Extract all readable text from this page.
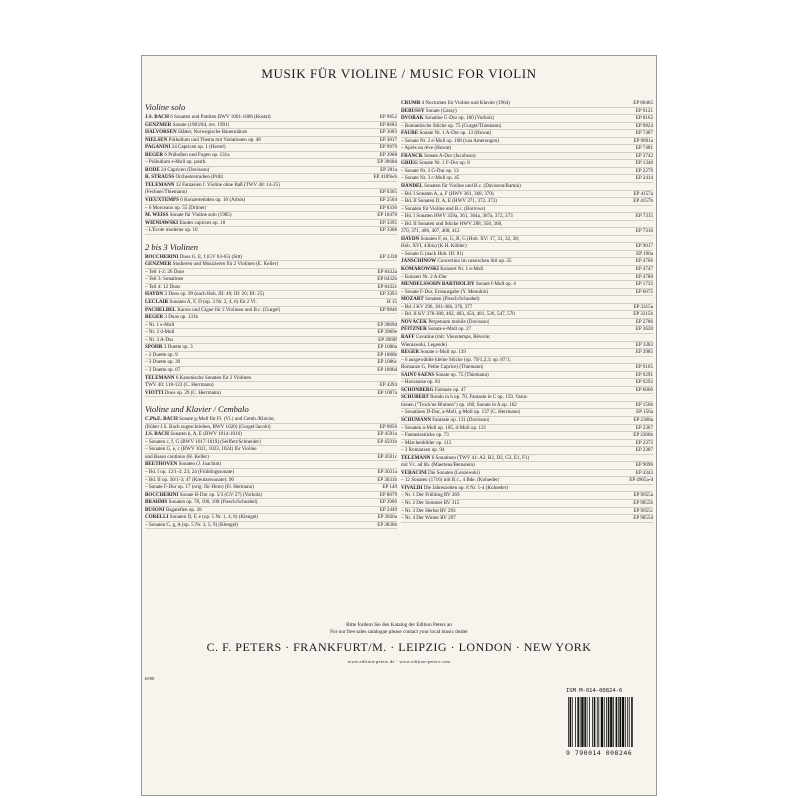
MUSIK FÜR VIOLINE / MUSIC FOR VIOLIN
Violine solo
J.S. BACH 6 Sonaten und Partiten BWV 1001-1006 (Rostal)	EP 9852
GENZMER Sonate (1983/84, rev. 1991)	EP 8683
HALVORSEN Slåtter, Norwegische Bauerntänze	EP 3083
NIELSEN Präludium und Thema mit Variationen op. 48	EP 3817
PAGANINI 24 Capricen op. 1 (Herrel)	EP 9979
REGER 6 Präludien und Fugen op. 131a	EP 3968
– Präludium e-Moll op. posth.	EP 3968d
RODE 24 Capricen (Davisson)	EP 281a
R. STRAUSS Orchesterstudien (Prill)	EP 4189wb
TELEMANN 12 Fantasien f. Violine ohne Baß (TWV 40: 14-25)
(Fechner/Thiemann)	EP 9365
VIEUXTEMPS 6 Konzertetüden op. 16 (Arbós)	EP 2564
– 6 Morceaux op. 55 (Drüner)	EP 8336
M. WEISS Sonate für Violine solo (1985)	EP 10478
WIENIAWSKI Etudes caprices op. 18	EP 3395
– L'École moderne op. 10	EP 3368
2 bis 3 Violinen
BOCCHERINI Duos G, E, f (GV 63-65) (Sitt)	EP 3338
GENZMER Studieren und Musizieren für 2 Violinen (E. Keller)
– Teil 1-2: 26 Duos	EP 8432a
– Teil 3: Sonatinen	EP 8432b
– Teil 4: 12 Duos	EP 8432c
HAYDN 3 Duos op. 99 (nach Hob. III: 40; III: 20; III: 25)	EP 3393
LECLAIR Sonaten A, F, D (op. 3 Nr. 2, 4, 6) für 2 Vl.	H 15
PACHELBEL Kanon und Gigue für 3 Violinen und B.c. (Gurgel)	EP 9846
REGER 3 Duos op. 131b
– Nr. 1 e-Moll	EP 3969d
– Nr. 2 d-Moll	EP 3969e
– Nr. 3 A-Dur	EP 3969f
SPOHR 3 Duette op. 3	EP 1086a
– 2 Duette op. 9	EP 1086b
– 3 Duette op. 39	EP 1086c
– 3 Duette op. 67	EP 1086d
TELEMANN 6 Kanonische Sonaten für 2 Violinen
TWV 40: 118-123 (C. Herrmann)	EP 4394
VIOTTI Duos op. 29 (C. Herrmann)	EP 1087a
Violine und Klavier / Cembalo
C.Ph.E. BACH Sonate g-Moll für Fl. (Vl.) und Cemb./Klavier,
(früher J.S. Bach zugeschrieben, BWV 1020) (Gurgel/Jacobi)	EP 9856
J.S. BACH Sonaten h, A, E (BWV 1014-1016)	EP 4591a
– Sonaten c, f, G (BWV 1017-1019) (Seiffert/Schneider)	EP 4591b
– Sonaten G, e, c (BWV 1021, 1023, 1024) für Violine
und Basso continuo (H. Keller)	EP 4591c
BEETHOVEN Sonaten (J. Joachim)
– Bd. I op. 12/1-3; 23; 24 (Frühlingssonate)	EP 3031a
– Bd. II op. 30/1-3; 47 (Kreutzersonate); 96	EP 3031b
– Sonate F-Dur op. 17 (orig. für Horn) (Fr. Hermann)	EP 149
BOCCHERINI Sonate B-Dur op. 5/3 (GV 27) (Vorholz)	EP 8079
BRAHMS Sonaten op. 78, 100, 108 (Flesch/Schnabel)	EP 3900
BUSONI Bagatellen op. 28	EP 2449
CORELLI Sonaten D, F, e (op. 5 Nr. 1, 4, 8) (Klengel)	EP 3836a
– Sonaten C, g, A (op. 5 Nr. 3, 5, 9) (Klengel)	EP 3836b
CRUMB 4 Nocturnes für Violine und Klavier (1964)	EP 66465
DEBUSSY Sonate (Garay)	EP 9121
DVOŘÁK Sonatine G-Dur op. 100 (Vorholz)	EP 8162
– Romantische Stücke op. 75 (Gurgel/Thiemann)	EP 9824
FAURÉ Sonate Nr. 1 A-Dur op. 13 (Howat)	EP 7487
– Sonate Nr. 2 e-Moll op. 108 (van Amerongen)	EP 9891a
– Après un rêve (Howat)	EP 7481
FRANCK Sonate A-Dur (Jacobson)	EP 3742
GRIEG Sonate Nr. 1 F-Dur op. 8	EP 1340
– Sonate Nr. 2 G-Dur op. 13	EP 2279
– Sonate Nr. 3 c-Moll op. 45	EP 2414
HÄNDEL Sonaten für Violine und B.c. (Davisson/Ramin)
– Bd. I Sonaten A, a, F (HWV 361, 368, 370)	EP 4157a
– Bd. II Sonaten D, A, E (HWV 371, 372, 373)	EP 4157b
– Sonaten für Violine und B.c. (Burrows)
– Bd. I Sonaten HWV 359a, 361, 364a, 367a, 372, 373	EP 7315
– Bd. II Sonaten und Stücke HWV 288, 358, 368,
370, 371, 406, 407, 408, 412	EP 7316
HAYDN Sonaten F, es, G, B, G (Hob. XV: 17, 31, 32, 38;
Hob. XVI, 43bis) (K.H. Köhler)	EP 9017
– Sonate G (nach Hob. III: 81)	EP 190a
JANSCHINOW Concertino im russischen Stil op. 35	EP 4706
KOMAROWSKI Konzert Nr. 1 e-Moll	EP 4747
– Konzert Nr. 2 A-Dur	EP 4780
MENDELSSOHN BARTHOLDY Sonate f-Moll op. 4	EP 1732
– Sonate F-Dur, Erstausgabe (Y. Menuhin)	EP 6075
MOZART Sonaten (Flesch/Schnabel)
– Bd. I KV 296, 301-306, 376, 377	EP 3315a
– Bd. II KV 378-380, 402, 403, 454, 481, 526, 547, 570	EP 3315b
NOVÁČEK Perpetuum mobile (Davisson)	EP 2786
PFITZNER Sonate e-Moll op. 27	EP 3620
RAFF Cavatine (mit: Vieuxtemps, Rêverie;
Wieniawski, Legende)	EP 3383
REGER Sonate c-Moll op. 139	EP 3985
– 6 ausgewählte kleine Stücke (op. 79/1,2,3; op. 87/1;
Romanze G, Petite Caprice) (Thiemann)	EP 9105
SAINT-SAËNS Sonate op. 75 (Thiemann)	EP 9291
– Havanaise op. 83	EP 9292
SCHÖNBERG Fantasie op. 47	EP 6060
SCHUBERT Rondo in h op. 70, Fantasie in C op. 159, Varia-
tionen ("Trock'ne Blumen") op. 160, Sonate in A op. 162	EP 156b
– Sonatinen D-Dur, a-Moll, g-Moll op. 137 (C. Herrmann)	EP 156a
SCHUMANN Fantasie op. 131 (Davisson)	EP 2368a
– Sonaten a-Moll op. 105, d-Moll op. 121	EP 2367
– Fantasiestücke op. 73	EP 2366b
– Märchenbilder op. 113	EP 2372
– 3 Romanzen op. 94	EP 2387
TELEMANN 6 Sonatinen (TWV 41: A2, B2, D2, G3, E1, F1)
mit Vc. ad lib. (Maertens/Bernstein)	EP 9096
VERACINI Die Sonaten (Lenzewski)	EP 4343
– 12 Sonaten (1716) mit B.c., 4 Bde. (Kolneder)	EP 4965a-d
VIVALDI Die Jahreszeiten op. 8 Nr. 1-4 (Kolneder)
– Nr. 1 Der Frühling RV 269	EP 9055a
– Nr. 2 Der Sommer RV 315	EP 9055b
– Nr. 3 Der Herbst RV 293	EP 9055c
– Nr. 4 Der Winter RV 297	EP 9055d
Bitte fordern Sie den Katalog der Edition Peters an
For our free sales catalogue please contact your local music dealer
C. F. PETERS · FRANKFURT/M. · LEIPZIG · LONDON · NEW YORK
www.edition-peters.de · www.edition-peters.com
10/00
ISM M-014-00824-6
9 790014 008246
